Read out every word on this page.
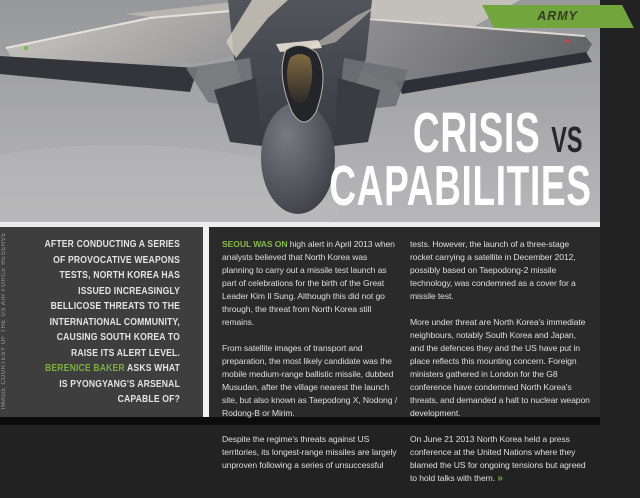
ARMY
CRISIS VS
CAPABILITIES
IMAGE COURTESY OF THE US AIR FORCE RESERVE	AFTER CONDUCTING A SERIES OF PROVOCATIVE WEAPONS TESTS, NORTH KOREA HAS ISSUED INCREASINGLY BELLICOSE THREATS TO THE INTERNATIONAL COMMUNITY, CAUSING SOUTH KOREA TO RAISE ITS ALERT LEVEL. BERENICE BAKER ASKS WHAT IS PYONGYANG'S ARSENAL CAPABLE OF?

SEOUL WAS ON high alert in April 2013 when analysts believed that North Korea was planning to carry out a missile test launch as part of celebrations for the birth of the Great Leader Kim Il Sung. Although this did not go through, the threat from North Korea still remains.

From satellite images of transport and preparation, the most likely candidate was the mobile medium-range ballistic missile, dubbed Musudan, after the village nearest the launch site, but also known as Taepodong X, Nodong / Rodong-B or Mirim.

Despite the regime's threats against US territories, its longest-range missiles are largely unproven following a series of unsuccessful

tests. However, the launch of a three-stage rocket carrying a satellite in December 2012, possibly based on Taepodong-2 missile technology, was condemned as a cover for a missile test.

More under threat are North Korea's immediate neighbours, notably South Korea and Japan, and the defences they and the US have put in place reflects this mounting concern. Foreign ministers gathered in London for the G8 conference have condemned North Korea's threats, and demanded a halt to nuclear weapon development.

On June 21 2013 North Korea held a press conference at the United Nations where they blamed the US for ongoing tensions but agreed to hold talks with them. »
